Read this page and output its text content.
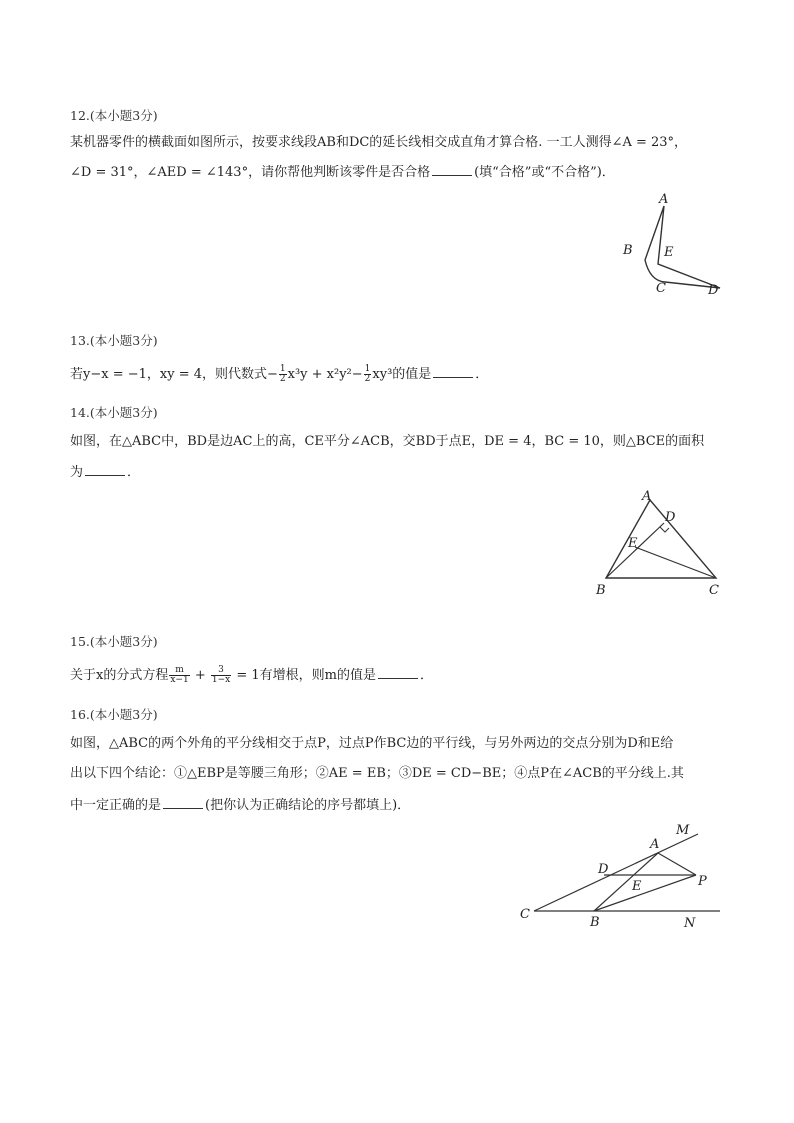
12.(本小题3分)
某机器零件的横截面如图所示，按要求线段AB和DC的延长线相交成直角才算合格. 一工人测得∠A = 23°，
∠D = 31°，∠AED = ∠143°，请你帮他判断该零件是否合格	(填“合格”或“不合格”)．
A
B E
C	D
13.(本小题3分)
若y−x = −1，xy = 4，则代数式− $\frac{1}{2} x^3y + x^2y^2- \frac{1}{2} xy^3$的值是	．
14.(本小题3分)
如图，在△ABC中，BD是边AC上的高，CE平分∠ACB，交BD于点E，DE = 4，BC = 10，则△BCE的面积
为	．
A
D
E
B	C
15.(本小题3分)
关于x的分式方程 $\frac{m}{x-1} + \frac{3}{1-x} = 1$有增根，则m的值是	．
16.(本小题3分)
如图，△ABC的两个外角的平分线相交于点P，过点P作BC边的平行线，与另外两边的交点分别为D和E给
出以下四个结论：①△EBP是等腰三角形；②AE = EB；③DE = CD−BE；④点P在∠ACB的平分线上.其
中一定正确的是	(把你认为正确结论的序号都填上)．
M
A
D
P
E
C
B	N
